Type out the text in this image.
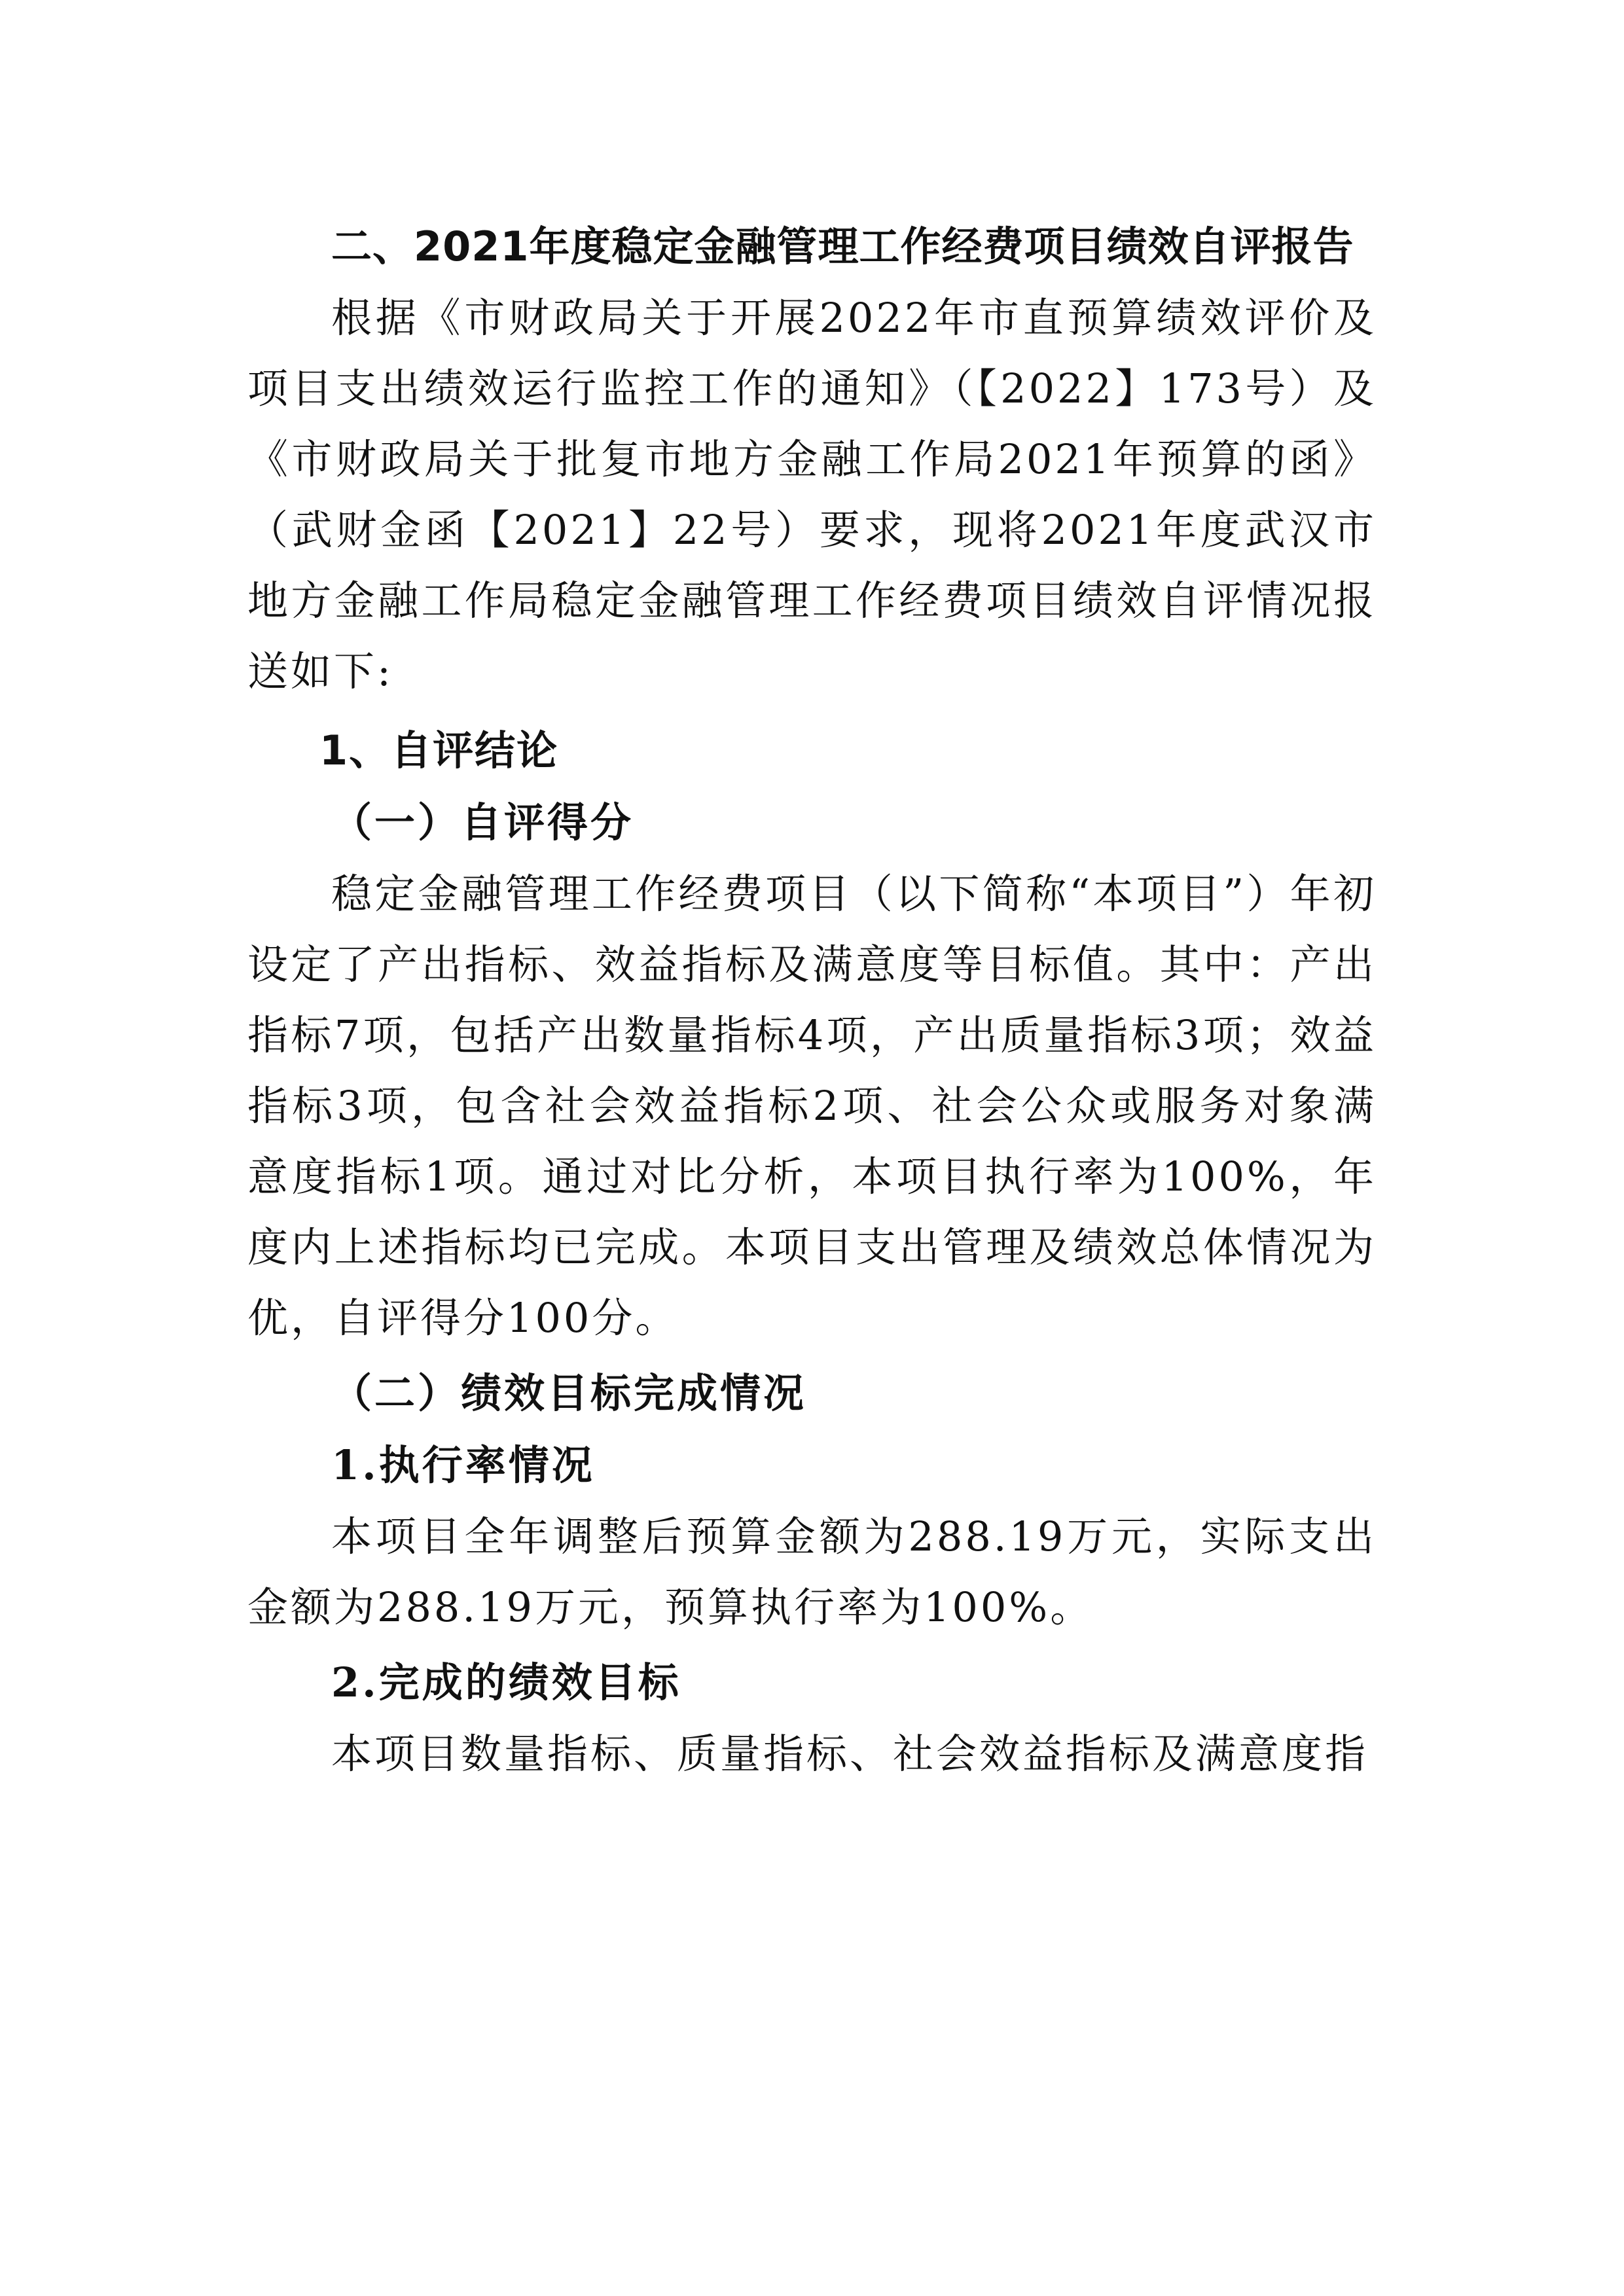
二、2021年度稳定金融管理工作经费项目绩效自评报告

根据《市财政局关于开展2022年市直预算绩效评价及项目支出绩效运行监控工作的通知》（【2022】173号）及《市财政局关于批复市地方金融工作局2021年预算的函》（武财金函【2021】22号）要求，现将2021年度武汉市地方金融工作局稳定金融管理工作经费项目绩效自评情况报送如下:

1、自评结论
（一）自评得分

稳定金融管理工作经费项目（以下简称“本项目”）年初设定了产出指标、效益指标及满意度等目标值。其中：产出指标7项，包括产出数量指标4项，产出质量指标3项；效益指标3项，包含社会效益指标2项、社会公众或服务对象满意度指标1项。通过对比分析，本项目执行率为100%，年度内上述指标均已完成。本项目支出管理及绩效总体情况为优，自评得分100分。

（二）绩效目标完成情况
1.执行率情况

本项目全年调整后预算金额为288.19万元，实际支出金额为288.19万元，预算执行率为100%。

2.完成的绩效目标

本项目数量指标、质量指标、社会效益指标及满意度指
